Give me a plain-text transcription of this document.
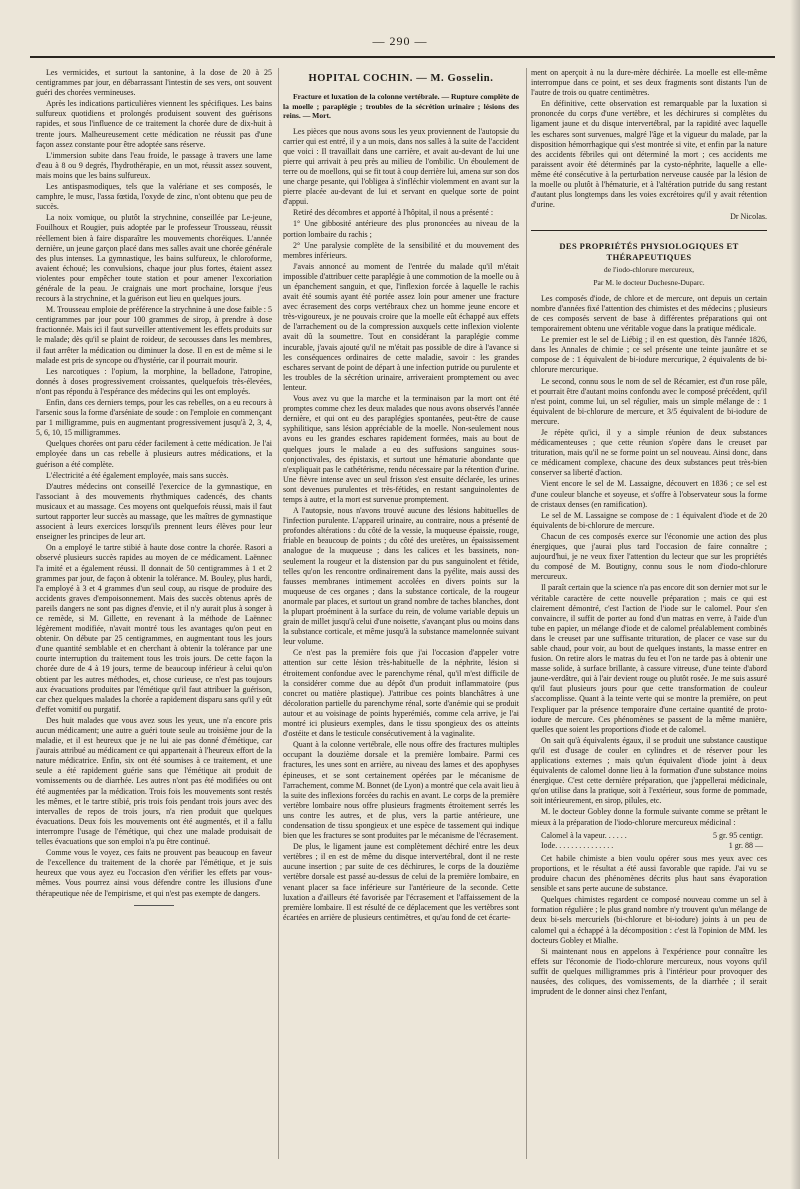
— 290 —

Les vermicides, et surtout la santonine, à la dose de 20 à 25 centigrammes par jour, en débarrassant l'intestin de ses vers, ont souvent guéri des chorées vermineuses.

Après les indications particulières viennent les spécifiques. Les bains sulfureux quotidiens et prolongés produisent souvent des guérisons rapides, et sous l'influence de ce traitement la chorée dure de dix-huit à trente jours. Malheureusement cette médication ne réussit pas d'une façon assez constante pour être adoptée sans réserve.

L'immersion subite dans l'eau froide, le passage à travers une lame d'eau à 8 ou 9 degrés, l'hydrothérapie, en un mot, réussit assez souvent, mais moins que les bains sulfureux.

Les antispasmodiques, tels que la valériane et ses composés, le camphre, le musc, l'assa fœtida, l'oxyde de zinc, n'ont obtenu que peu de succès.

La noix vomique, ou plutôt la strychnine, conseillée par Le-jeune, Fouilhoux et Rougier, puis adoptée par le professeur Trousseau, réussit réellement bien à faire disparaître les mouvements choréiques. L'année dernière, un jeune garçon placé dans mes salles avait une chorée générale des plus intenses. La gymnastique, les bains sulfureux, le chloroforme, avaient échoué; les convulsions, chaque jour plus fortes, étaient assez violentes pour empêcher toute station et pour amener l'excoriation générale de la peau. Je craignais une mort prochaine, lorsque j'eus recours à la strychnine, et la guérison eut lieu en quelques jours.

M. Trousseau emploie de préférence la strychnine à une dose faible : 5 centigrammes par jour pour 100 grammes de sirop, à prendre à dose fractionnée. Mais ici il faut surveiller attentivement les effets produits sur le malade; dès qu'il se plaint de roideur, de secousses dans les membres, il faut arrêter la médication ou diminuer la dose. Il en est de même si le malade est pris de syncope ou d'hystérie, car il pourrait mourir.

Les narcotiques : l'opium, la morphine, la belladone, l'atropine, donnés à doses progressivement croissantes, quelquefois très-élevées, n'ont pas répondu à l'espérance des médecins qui les ont employés.

Enfin, dans ces derniers temps, pour les cas rebelles, on a eu recours à l'arsenic sous la forme d'arséniate de soude : on l'emploie en commençant par 1 milligramme, puis en augmentant progressivement jusqu'à 2, 3, 4, 5, 6, 10, 15 milligrammes.

Quelques chorées ont paru céder facilement à cette médication. Je l'ai employée dans un cas rebelle à plusieurs autres médications, et la guérison a été complète.

L'électricité a été également employée, mais sans succès.

D'autres médecins ont conseillé l'exercice de la gymnastique, en l'associant à des mouvements rhythmiques cadencés, des chants musicaux et au massage. Ces moyens ont quelquefois réussi, mais il faut surtout rapporter leur succès au massage, que les maîtres de gymnastique associent à leurs exercices lorsqu'ils prennent leurs élèves pour leur enseigner les principes de leur art.

On a employé le tartre stibié à haute dose contre la chorée. Rasori a observé plusieurs succès rapides au moyen de ce médicament. Laënnec l'a imité et a également réussi. Il donnait de 50 centigrammes à 1 et 2 grammes par jour, de façon à obtenir la tolérance. M. Bouley, plus hardi, l'a employé à 3 et 4 grammes d'un seul coup, au risque de produire des accidents graves d'empoisonnement. Mais des succès obtenus après de pareils dangers ne sont pas dignes d'envie, et il n'y aurait plus à songer à ce remède, si M. Gillette, en revenant à la méthode de Laënnec légèrement modifiée, n'avait montré tous les avantages qu'on peut en obtenir. On débute par 25 centigrammes, en augmentant tous les jours d'une quantité semblable et en cherchant à obtenir la tolérance par une courte interruption du traitement tous les trois jours. De cette façon la chorée dure de 4 à 19 jours, terme de beaucoup inférieur à celui qu'on obtient par les autres méthodes, et, chose curieuse, ce n'est pas toujours aux évacuations produites par l'émétique qu'il faut attribuer la guérison, car chez quelques malades la chorée a rapidement disparu sans qu'il y eût d'effet vomitif ou purgatif.

Des huit malades que vous avez sous les yeux, une n'a encore pris aucun médicament; une autre a guéri toute seule au troisième jour de la maladie, et il est heureux que je ne lui aie pas donné d'émétique, car j'aurais attribué au médicament ce qui appartenait à l'heureux effort de la nature médicatrice. Enfin, six ont été soumises à ce traitement, et une seule a été rapidement guérie sans que l'émétique ait produit de vomissements ou de diarrhée. Les autres n'ont pas été modifiées ou ont été augmentées par la médication. Trois fois les mouvements sont restés les mêmes, et le tartre stibié, pris trois fois pendant trois jours avec des intervalles de repos de trois jours, n'a rien produit que quelques évacuations. Deux fois les mouvements ont été augmentés, et il a fallu interrompre l'usage de l'émétique, qui chez une malade produisait de telles évacuations que son emploi n'a pu être continué.

Comme vous le voyez, ces faits ne prouvent pas beaucoup en faveur de l'excellence du traitement de la chorée par l'émétique, et je suis heureux que vous ayez eu l'occasion d'en vérifier les effets par vous-mêmes. Vous pourrez ainsi vous défendre contre les illusions d'une thérapeutique née de l'empirisme, et qui n'est pas exempte de dangers.

HOPITAL COCHIN. — M. Gosselin.
Fracture et luxation de la colonne vertébrale. — Rupture complète de la moelle ; paraplégie ; troubles de la sécrétion urinaire ; lésions des reins. — Mort.

Les pièces que nous avons sous les yeux proviennent de l'autopsie du carrier qui est entré, il y a un mois, dans nos salles à la suite de l'accident que voici : Il travaillait dans une carrière, et avait au-devant de lui une pierre qui arrivait à peu près au milieu de l'ombilic. Un éboulement de terre ou de moellons, qui se fit tout à coup derrière lui, amena sur son dos une charge pesante, qui l'obligea à s'infléchir violemment en avant sur la pierre placée au-devant de lui et servant en quelque sorte de point d'appui.

Retiré des décombres et apporté à l'hôpital, il nous a présenté :

1° Une gibbosité antérieure des plus prononcées au niveau de la portion lombaire du rachis ;

2° Une paralysie complète de la sensibilité et du mouvement des membres inférieurs.

J'avais annoncé au moment de l'entrée du malade qu'il m'était impossible d'attribuer cette paraplégie à une commotion de la moelle ou à un épanchement sanguin, et que, l'inflexion forcée à laquelle le rachis avait été soumis ayant été portée assez loin pour amener une fracture avec écrasement des corps vertébraux chez un homme jeune encore et très-vigoureux, je ne pouvais croire que la moelle eût échappé aux effets de l'arrachement ou de la compression auxquels cette inflexion violente avait dû la soumettre. Tout en considérant la paraplégie comme incurable, j'avais ajouté qu'il ne m'était pas possible de dire à l'avance si les conséquences ordinaires de cette maladie, savoir : les grandes eschares servant de point de départ à une infection putride ou purulente et les troubles de la sécrétion urinaire, arriveraient promptement ou avec lenteur.

Vous avez vu que la marche et la terminaison par la mort ont été promptes comme chez les deux malades que nous avons observés l'année dernière, et qui ont eu des paraplégies spontanées, peut-être de cause syphilitique, sans lésion appréciable de la moelle. Non-seulement nous avons eu les grandes eschares rapidement formées, mais au bout de quelques jours le malade a eu des suffusions sanguines sous-conjonctivales, des épistaxis, et surtout une hématurie abondante que n'expliquait pas le cathétérisme, rendu nécessaire par la rétention d'urine. Une fièvre intense avec un seul frisson s'est ensuite déclarée, les urines sont devenues purulentes et très-fétides, en restant sanguinolentes de temps à autre, et la mort est survenue promptement.

A l'autopsie, nous n'avons trouvé aucune des lésions habituelles de l'infection purulente. L'appareil urinaire, au contraire, nous a présenté de profondes altérations : du côté de la vessie, la muqueuse épaissie, rouge, friable en beaucoup de points ; du côté des uretères, un épaississement analogue de la muqueuse ; dans les calices et les bassinets, non-seulement la rougeur et la distension par du pus sanguinolent et fétide, telles qu'on les rencontre ordinairement dans la pyélite, mais aussi des fausses membranes intimement accolées en divers points sur la muqueuse de ces organes ; dans la substance corticale, de la rougeur anormale par places, et surtout un grand nombre de taches blanches, dont la plupart proéminent à la surface du rein, de volume variable depuis un grain de millet jusqu'à celui d'une noisette, s'avançant plus ou moins dans la substance corticale, et même jusqu'à la substance mamelonnée suivant leur volume.

Ce n'est pas la première fois que j'ai l'occasion d'appeler votre attention sur cette lésion très-habituelle de la néphrite, lésion si étroitement confondue avec le parenchyme rénal, qu'il m'est difficile de la considérer comme due au dépôt d'un produit inflammatoire (pus concret ou matière plastique). J'attribue ces points blanchâtres à une décoloration partielle du parenchyme rénal, sorte d'anémie qui se produit autour et au voisinage de points hyperémiés, comme cela arrive, je l'ai montré ici plusieurs exemples, dans le tissu spongieux des os atteints d'ostéite et dans le testicule consécutivement à la vaginalite.

Quant à la colonne vertébrale, elle nous offre des fractures multiples occupant la douzième dorsale et la première lombaire. Parmi ces fractures, les unes sont en arrière, au niveau des lames et des apophyses épineuses, et se sont certainement opérées par le mécanisme de l'arrachement, comme M. Bonnet (de Lyon) a montré que cela avait lieu à la suite des inflexions forcées du rachis en avant. Le corps de la première vertèbre lombaire nous offre plusieurs fragments étroitement serrés les uns contre les autres, et de plus, vers la partie antérieure, une condensation de tissu spongieux et une espèce de tassement qui indique bien que les fractures se sont produites par le mécanisme de l'écrasement.

De plus, le ligament jaune est complètement déchiré entre les deux vertèbres ; il en est de même du disque intervertébral, dont il ne reste aucune insertion ; par suite de ces déchirures, le corps de la douzième vertèbre dorsale est passé au-dessus de celui de la première lombaire, en venant placer sa face inférieure sur l'antérieure de la seconde. Cette luxation a d'ailleurs été favorisée par l'écrasement et l'affaissement de la première lombaire. Il est résulté de ce déplacement que les vertèbres sont écartées en arrière de plusieurs centimètres, et qu'au fond de cet écarte-

ment on aperçoit à nu la dure-mère déchirée. La moelle est elle-même interrompue dans ce point, et ses deux fragments sont distants l'un de l'autre de trois ou quatre centimètres.

En définitive, cette observation est remarquable par la luxation si prononcée du corps d'une vertèbre, et les déchirures si complètes du ligament jaune et du disque intervertébral, par la rapidité avec laquelle les eschares sont survenues, malgré l'âge et la vigueur du malade, par la disposition hémorrhagique qui s'est montrée si vite, et enfin par la nature des accidents fébriles qui ont déterminé la mort ; ces accidents me paraissent avoir été déterminés par la cysto-néphrite, laquelle a elle-même été consécutive à la perturbation nerveuse causée par la lésion de la moelle ou plutôt à l'hématurie, et à l'altération putride du sang restant d'autant plus longtemps dans les voies excrétoires qu'il y avait rétention d'urine.

Dr Nicolas.
DES PROPRIÉTÉS PHYSIOLOGIQUES ET THÉRAPEUTIQUES
de l'iodo-chlorure mercureux,
Par M. le docteur Duchesne-Duparc.

Les composés d'iode, de chlore et de mercure, ont depuis un certain nombre d'années fixé l'attention des chimistes et des médecins ; plusieurs de ces composés servent de base à différentes préparations qui ont temporairement obtenu une véritable vogue dans la pratique médicale.

Le premier est le sel de Liébig ; il en est question, dès l'année 1826, dans les Annales de chimie ; ce sel présente une teinte jaunâtre et se compose de : 1 équivalent de bi-iodure mercurique, 2 équivalents de bi-chlorure mercurique.

Le second, connu sous le nom de sel de Récamier, est d'un rose pâle, et pourrait être d'autant moins confondu avec le composé précédent, qu'il n'est point, comme lui, un sel régulier, mais un simple mélange de : 1 équivalent de bi-chlorure de mercure, et 3/5 équivalent de bi-iodure de mercure.

Je répète qu'ici, il y a simple réunion de deux substances médicamenteuses ; que cette réunion s'opère dans le creuset par trituration, mais qu'il ne se forme point un sel nouveau. Ainsi donc, dans ce médicament complexe, chacune des deux substances peut très-bien conserver sa liberté d'action.

Vient encore le sel de M. Lassaigne, découvert en 1836 ; ce sel est d'une couleur blanche et soyeuse, et s'offre à l'observateur sous la forme de cristaux denses (en ramification).

Le sel de M. Lassaigne se compose de : 1 équivalent d'iode et de 20 équivalents de bi-chlorure de mercure.

Chacun de ces composés exerce sur l'économie une action des plus énergiques, que j'aurai plus tard l'occasion de faire connaître ; aujourd'hui, je ne veux fixer l'attention du lecteur que sur les propriétés du composé de M. Boutigny, connu sous le nom d'iodo-chlorure mercureux.

Il paraît certain que la science n'a pas encore dit son dernier mot sur le véritable caractère de cette nouvelle préparation ; mais ce qui est clairement démontré, c'est l'action de l'iode sur le calomel. Pour s'en convaincre, il suffit de porter au fond d'un matras en verre, à l'aide d'un tube en papier, un mélange d'iode et de calomel préalablement combinés dans le creuset par une suffisante trituration, de placer ce vase sur du sable chaud, pour voir, au bout de quelques instants, la masse entrer en fusion. On retire alors le matras du feu et l'on ne tarde pas à obtenir une masse solide, à surface brillante, à cassure vitreuse, d'une teinte d'abord jaune-verdâtre, qui à l'air devient rouge ou plutôt rosée. Je me suis assuré qu'il faut plusieurs jours pour que cette transformation de couleur s'accomplisse. Quant à la teinte verte qui se montre la première, on peut l'expliquer par la présence temporaire d'une certaine quantité de proto-iodure de mercure. Ces phénomènes se passent de la même manière, quelles que soient les proportions d'iode et de calomel.

On sait qu'à équivalents égaux, il se produit une substance caustique qu'il est d'usage de couler en cylindres et de réserver pour les applications externes ; mais qu'un équivalent d'iode joint à deux équivalents de calomel donne lieu à la formation d'une substance moins énergique. C'est cette dernière préparation, que j'appellerai médicinale, qu'on utilise dans la pratique, soit à l'extérieur, sous forme de pommade, soit intérieurement, en sirop, pilules, etc.

M. le docteur Gobley donne la formule suivante comme se prêtant le mieux à la préparation de l'iodo-chlorure mercureux médicinal :

Calomel à la vapeur. . . . . .	5 gr. 95 centigr.
Iode. . . . . . . . . . . . . . .	1 gr. 88 —

Cet habile chimiste a bien voulu opérer sous mes yeux avec ces proportions, et le résultat a été aussi favorable que rapide. J'ai vu se produire chacun des phénomènes décrits plus haut sans évaporation sensible et sans perte aucune de substance.

Quelques chimistes regardent ce composé nouveau comme un sel à formation régulière ; le plus grand nombre n'y trouvent qu'un mélange de deux bi-sels mercuriels (bi-chlorure et bi-iodure) joints à un peu de calomel qui a échappé à la décomposition : c'est là l'opinion de MM. les docteurs Gobley et Mialhe.

Si maintenant nous en appelons à l'expérience pour connaître les effets sur l'économie de l'iodo-chlorure mercureux, nous voyons qu'il suffit de quelques milligrammes pris à l'intérieur pour provoquer des nausées, des coliques, des vomissements, de la diarrhée ; il serait imprudent de le donner ainsi chez l'enfant,
